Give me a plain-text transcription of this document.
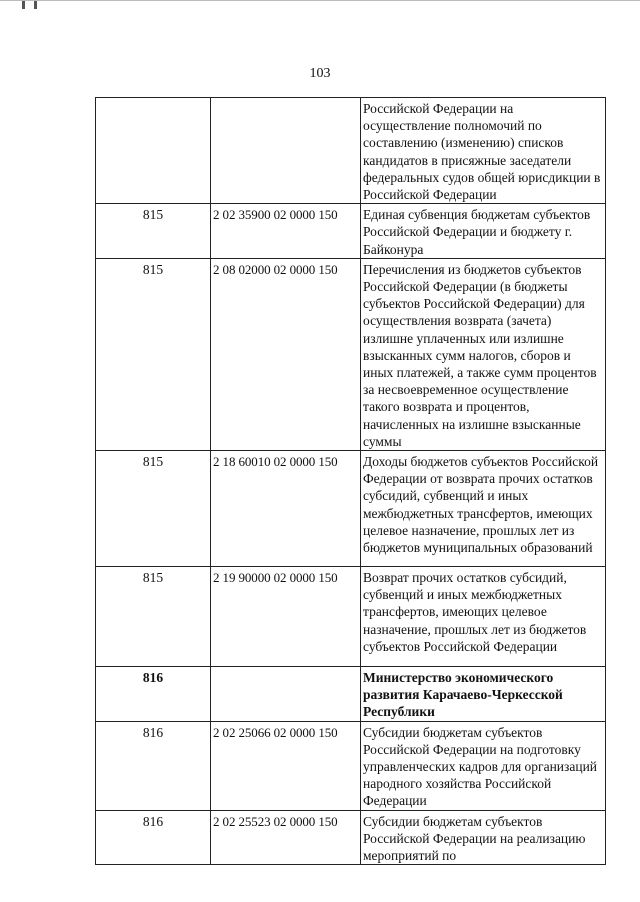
103
		Российской Федерации на осуществление полномочий по составлению (изменению) списков кандидатов в присяжные заседатели федеральных судов общей юрисдикции в Российской Федерации
815	2 02 35900 02 0000 150	Единая субвенция бюджетам субъектов Российской Федерации и бюджету г. Байконура
815	2 08 02000 02 0000 150	Перечисления из бюджетов субъектов Российской Федерации (в бюджеты субъектов Российской Федерации) для осуществления возврата (зачета) излишне уплаченных или излишне взысканных сумм налогов, сборов и иных платежей, а также сумм процентов за несвоевременное осуществление такого возврата и процентов, начисленных на излишне взысканные суммы
815	2 18 60010 02 0000 150	Доходы бюджетов субъектов Российской Федерации от возврата прочих остатков субсидий, субвенций и иных межбюджетных трансфертов, имеющих целевое назначение, прошлых лет из бюджетов муниципальных образований
815	2 19 90000 02 0000 150	Возврат прочих остатков субсидий, субвенций и иных межбюджетных трансфертов, имеющих целевое назначение, прошлых лет из бюджетов субъектов Российской Федерации
816		Министерство экономического развития Карачаево-Черкесской Республики
816	2 02 25066 02 0000 150	Субсидии бюджетам субъектов Российской Федерации на подготовку управленческих кадров для организаций народного хозяйства Российской Федерации
816	2 02 25523 02 0000 150	Субсидии бюджетам субъектов Российской Федерации на реализацию мероприятий по
